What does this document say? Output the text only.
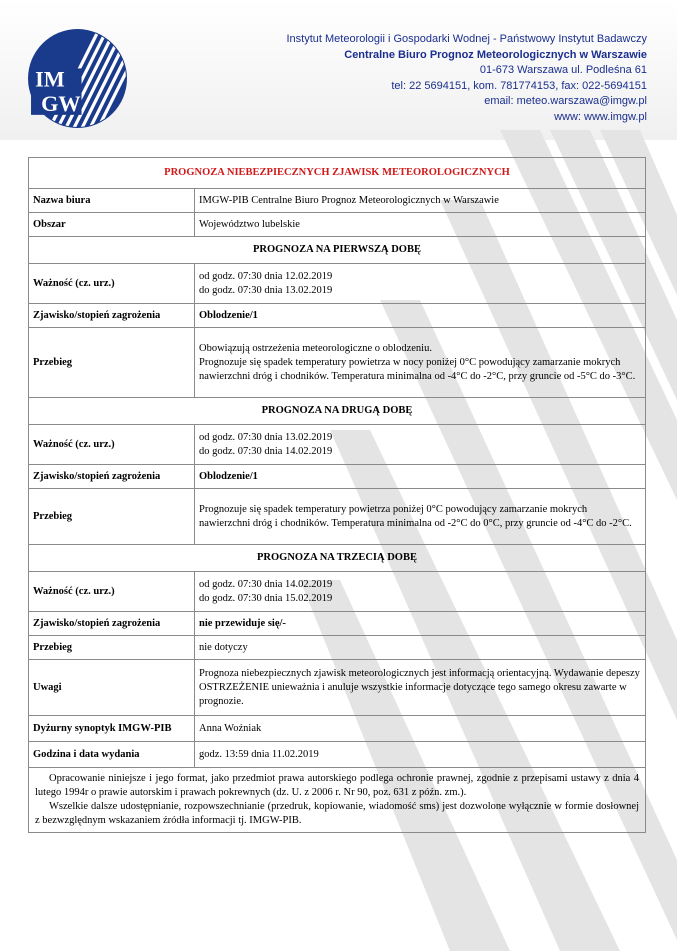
IM
GW
Instytut Meteorologii i Gospodarki Wodnej - Państwowy Instytut Badawczy
Centralne Biuro Prognoz Meteorologicznych w Warszawie
01-673 Warszawa ul. Podleśna 61
tel: 22 5694151, kom. 781774153, fax: 022-5694151
email: meteo.warszawa@imgw.pl
www: www.imgw.pl
PROGNOZA NIEBEZPIECZNYCH ZJAWISK METEOROLOGICZNYCH	
Nazwa biura	IMGW-PIB Centralne Biuro Prognoz Meteorologicznych w Warszawie
Obszar	Województwo lubelskie
PROGNOZA NA PIERWSZĄ DOBĘ	
Ważność (cz. urz.)	od godz. 07:30 dnia 12.02.2019
do godz. 07:30 dnia 13.02.2019

Zjawisko/stopień zagrożenia	Oblodzenie/1
Przebieg	Obowiązują ostrzeżenia meteorologiczne o oblodzeniu.
Prognozuje się spadek temperatury powietrza w nocy poniżej 0°C powodujący zamarzanie mokrych nawierzchni dróg i chodników. Temperatura minimalna od -4°C do -2°C, przy gruncie od -5°C do -3°C.

PROGNOZA NA DRUGĄ DOBĘ	
Ważność (cz. urz.)	od godz. 07:30 dnia 13.02.2019
do godz. 07:30 dnia 14.02.2019

Zjawisko/stopień zagrożenia	Oblodzenie/1
Przebieg	Prognozuje się spadek temperatury powietrza poniżej 0°C powodujący zamarzanie mokrych nawierzchni dróg i chodników. Temperatura minimalna od -2°C do 0°C, przy gruncie od -4°C do -2°C.
PROGNOZA NA TRZECIĄ DOBĘ	
Ważność (cz. urz.)	od godz. 07:30 dnia 14.02.2019
do godz. 07:30 dnia 15.02.2019

Zjawisko/stopień zagrożenia	nie przewiduje się/-
Przebieg	nie dotyczy
Uwagi	Prognoza niebezpiecznych zjawisk meteorologicznych jest informacją orientacyjną. Wydawanie depeszy OSTRZEŻENIE unieważnia i anuluje wszystkie informacje dotyczące tego samego okresu zawarte w prognozie.
Dyżurny synoptyk IMGW-PIB	Anna Woźniak
Godzina i data wydania	godz. 13:59 dnia 11.02.2019

Opracowanie niniejsze i jego format, jako przedmiot prawa autorskiego podlega ochronie prawnej, zgodnie z przepisami ustawy z dnia 4 lutego 1994r o prawie autorskim i prawach pokrewnych (dz. U. z 2006 r. Nr 90, poz. 631 z późn. zm.).

Wszelkie dalsze udostępnianie, rozpowszechnianie (przedruk, kopiowanie, wiadomość sms) jest dozwolone wyłącznie w formie dosłownej z bezwzględnym wskazaniem źródła informacji tj. IMGW-PIB.	
